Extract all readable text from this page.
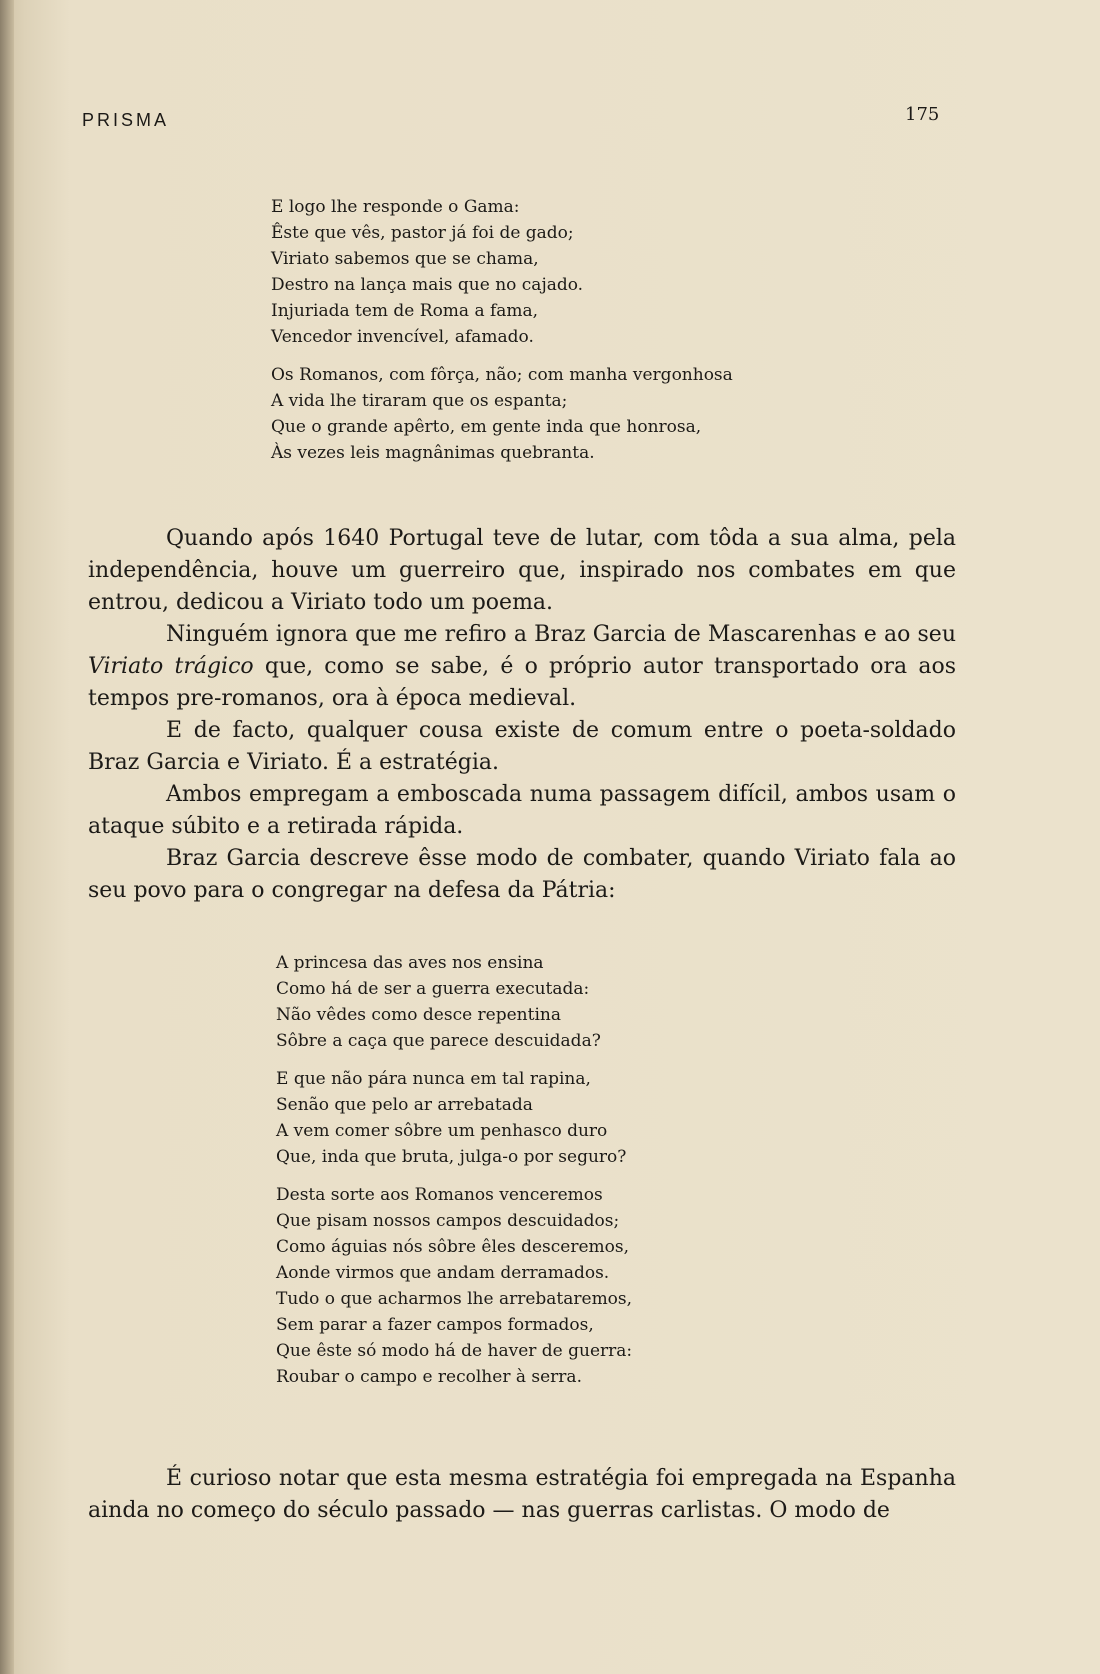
PRISMA	175
E logo lhe responde o Gama:
Êste que vês, pastor já foi de gado;
Viriato sabemos que se chama,
Destro na lança mais que no cajado.
Injuriada tem de Roma a fama,
Vencedor invencível, afamado.
Os Romanos, com fôrça, não; com manha vergonhosa
A vida lhe tiraram que os espanta;
Que o grande apêrto, em gente inda que honrosa,
Às vezes leis magnânimas quebranta.

Quando após 1640 Portugal teve de lutar, com tôda a sua alma, pela independência, houve um guerreiro que, inspirado nos combates em que entrou, dedicou a Viriato todo um poema.

Ninguém ignora que me refiro a Braz Garcia de Mascarenhas e ao seu Viriato trágico que, como se sabe, é o próprio autor transportado ora aos tempos pre-romanos, ora à época medieval.

E de facto, qualquer cousa existe de comum entre o poeta-soldado Braz Garcia e Viriato. É a estratégia.

Ambos empregam a emboscada numa passagem difícil, ambos usam o ataque súbito e a retirada rápida.

Braz Garcia descreve êsse modo de combater, quando Viriato fala ao seu povo para o congregar na defesa da Pátria:

A princesa das aves nos ensina
Como há de ser a guerra executada:
Não vêdes como desce repentina
Sôbre a caça que parece descuidada?
E que não pára nunca em tal rapina,
Senão que pelo ar arrebatada
A vem comer sôbre um penhasco duro
Que, inda que bruta, julga-o por seguro?
Desta sorte aos Romanos venceremos
Que pisam nossos campos descuidados;
Como águias nós sôbre êles desceremos,
Aonde virmos que andam derramados.
Tudo o que acharmos lhe arrebataremos,
Sem parar a fazer campos formados,
Que êste só modo há de haver de guerra:
Roubar o campo e recolher à serra.

É curioso notar que esta mesma estratégia foi empregada na Espanha ainda no começo do século passado — nas guerras carlistas. O modo de
